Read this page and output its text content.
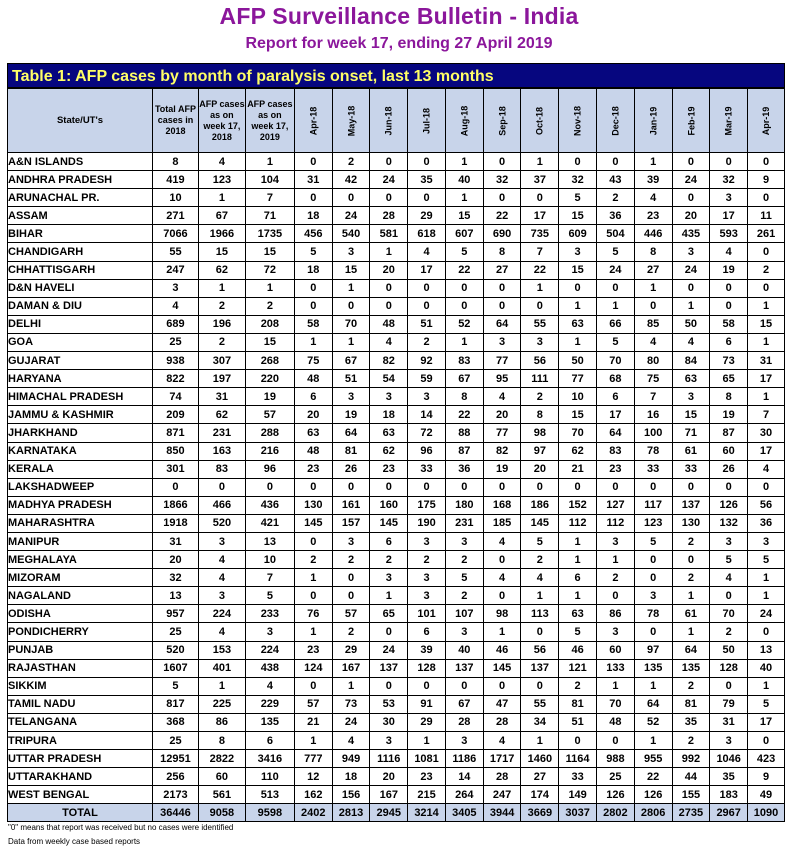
AFP Surveillance Bulletin - India
Report for week 17, ending 27 April 2019
Table 1: AFP cases by month of paralysis onset, last 13 months
State/UT's	Total AFP cases in 2018	AFP cases as on week 17, 2018	AFP cases as on week 17, 2019	Apr-18	May-18	Jun-18	Jul-18	Aug-18	Sep-18	Oct-18	Nov-18	Dec-18	Jan-19	Feb-19	Mar-19	Apr-19

A&N ISLANDS	8	4	1	0	2	0	0	1	0	1	0	0	1	0	0	0
ANDHRA PRADESH	419	123	104	31	42	24	35	40	32	37	32	43	39	24	32	9
ARUNACHAL PR.	10	1	7	0	0	0	0	1	0	0	5	2	4	0	3	0
ASSAM	271	67	71	18	24	28	29	15	22	17	15	36	23	20	17	11
BIHAR	7066	1966	1735	456	540	581	618	607	690	735	609	504	446	435	593	261
CHANDIGARH	55	15	15	5	3	1	4	5	8	7	3	5	8	3	4	0
CHHATTISGARH	247	62	72	18	15	20	17	22	27	22	15	24	27	24	19	2
D&N HAVELI	3	1	1	0	1	0	0	0	0	1	0	0	1	0	0	0
DAMAN & DIU	4	2	2	0	0	0	0	0	0	0	1	1	0	1	0	1
DELHI	689	196	208	58	70	48	51	52	64	55	63	66	85	50	58	15
GOA	25	2	15	1	1	4	2	1	3	3	1	5	4	4	6	1
GUJARAT	938	307	268	75	67	82	92	83	77	56	50	70	80	84	73	31
HARYANA	822	197	220	48	51	54	59	67	95	111	77	68	75	63	65	17
HIMACHAL PRADESH	74	31	19	6	3	3	3	8	4	2	10	6	7	3	8	1
JAMMU & KASHMIR	209	62	57	20	19	18	14	22	20	8	15	17	16	15	19	7
JHARKHAND	871	231	288	63	64	63	72	88	77	98	70	64	100	71	87	30
KARNATAKA	850	163	216	48	81	62	96	87	82	97	62	83	78	61	60	17
KERALA	301	83	96	23	26	23	33	36	19	20	21	23	33	33	26	4
LAKSHADWEEP	0	0	0	0	0	0	0	0	0	0	0	0	0	0	0	0
MADHYA PRADESH	1866	466	436	130	161	160	175	180	168	186	152	127	117	137	126	56
MAHARASHTRA	1918	520	421	145	157	145	190	231	185	145	112	112	123	130	132	36
MANIPUR	31	3	13	0	3	6	3	3	4	5	1	3	5	2	3	3
MEGHALAYA	20	4	10	2	2	2	2	2	0	2	1	1	0	0	5	5
MIZORAM	32	4	7	1	0	3	3	5	4	4	6	2	0	2	4	1
NAGALAND	13	3	5	0	0	1	3	2	0	1	1	0	3	1	0	1
ODISHA	957	224	233	76	57	65	101	107	98	113	63	86	78	61	70	24
PONDICHERRY	25	4	3	1	2	0	6	3	1	0	5	3	0	1	2	0
PUNJAB	520	153	224	23	29	24	39	40	46	56	46	60	97	64	50	13
RAJASTHAN	1607	401	438	124	167	137	128	137	145	137	121	133	135	135	128	40
SIKKIM	5	1	4	0	1	0	0	0	0	0	2	1	1	2	0	1
TAMIL NADU	817	225	229	57	73	53	91	67	47	55	81	70	64	81	79	5
TELANGANA	368	86	135	21	24	30	29	28	28	34	51	48	52	35	31	17
TRIPURA	25	8	6	1	4	3	1	3	4	1	0	0	1	2	3	0
UTTAR PRADESH	12951	2822	3416	777	949	1116	1081	1186	1717	1460	1164	988	955	992	1046	423
UTTARAKHAND	256	60	110	12	18	20	23	14	28	27	33	25	22	44	35	9
WEST BENGAL	2173	561	513	162	156	167	215	264	247	174	149	126	126	155	183	49
TOTAL	36446	9058	9598	2402	2813	2945	3214	3405	3944	3669	3037	2802	2806	2735	2967	1090
"0" means that report was received but no cases were identified
Data from weekly case based reports
